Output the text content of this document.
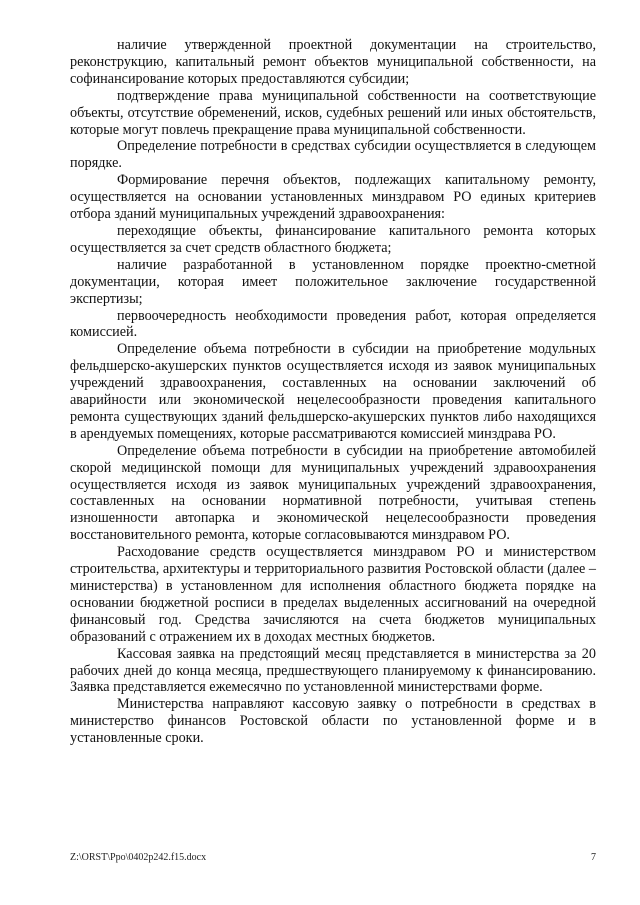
наличие утвержденной проектной документации на строительство, реконструкцию, капитальный ремонт объектов муниципальной собственности, на софинансирование которых предоставляются субсидии;

подтверждение права муниципальной собственности на соответствующие объекты, отсутствие обременений, исков, судебных решений или иных обстоятельств, которые могут повлечь прекращение права муниципальной собственности.

Определение потребности в средствах субсидии осуществляется в следующем порядке.

Формирование перечня объектов, подлежащих капитальному ремонту, осуществляется на основании установленных минздравом РО единых критериев отбора зданий муниципальных учреждений здравоохранения:

переходящие объекты, финансирование капитального ремонта которых осуществляется за счет средств областного бюджета;

наличие разработанной в установленном порядке проектно-сметной документации, которая имеет положительное заключение государственной экспертизы;

первоочередность необходимости проведения работ, которая определяется комиссией.

Определение объема потребности в субсидии на приобретение модульных фельдшерско-акушерских пунктов осуществляется исходя из заявок муниципальных учреждений здравоохранения, составленных на основании заключений об аварийности или экономической нецелесообразности проведения капитального ремонта существующих зданий фельдшерско-акушерских пунктов либо находящихся в арендуемых помещениях, которые рассматриваются комиссией минздрава РО.

Определение объема потребности в субсидии на приобретение автомобилей скорой медицинской помощи для муниципальных учреждений здравоохранения осуществляется исходя из заявок муниципальных учреждений здравоохранения, составленных на основании нормативной потребности, учитывая степень изношенности автопарка и экономической нецелесообразности проведения восстановительного ремонта, которые согласовываются минздравом РО.

Расходование средств осуществляется минздравом РО и министерством строительства, архитектуры и территориального развития Ростовской области (далее – министерства) в установленном для исполнения областного бюджета порядке на основании бюджетной росписи в пределах выделенных ассигнований на очередной финансовый год. Средства зачисляются на счета бюджетов муниципальных образований с отражением их в доходах местных бюджетов.

Кассовая заявка на предстоящий месяц представляется в министерства за 20 рабочих дней до конца месяца, предшествующего планируемому к финансированию. Заявка представляется ежемесячно по установленной министерствами форме.

Министерства направляют кассовую заявку о потребности в средствах в министерство финансов Ростовской области по установленной форме и в установленные сроки.

Z:\ORST\Ppo\0402p242.f15.docx	7
